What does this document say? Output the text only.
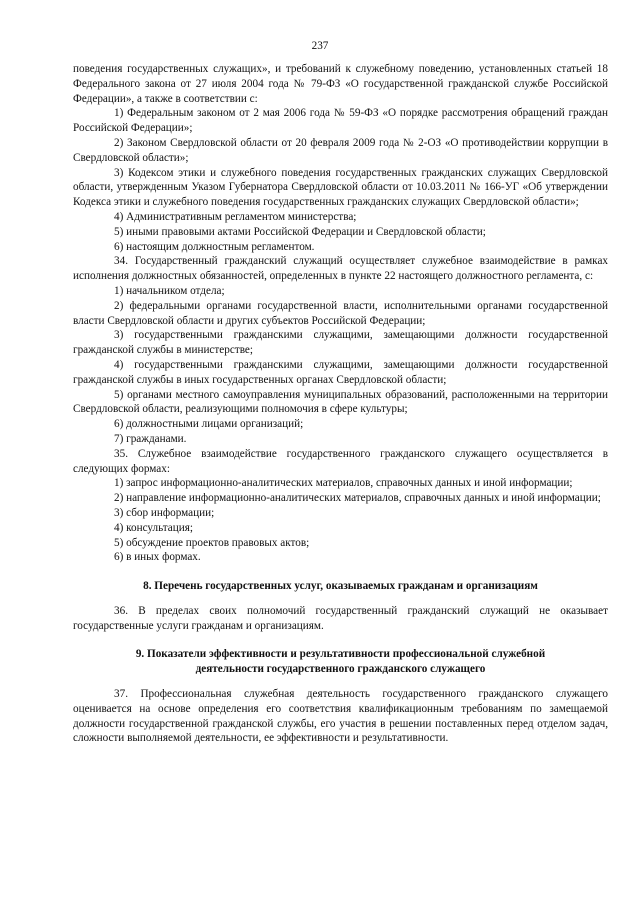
237

поведения государственных служащих», и требований к служебному поведению, установленных статьей 18 Федерального закона от 27 июля 2004 года № 79-ФЗ «О государственной гражданской службе Российской Федерации», а также в соответствии с:

1) Федеральным законом от 2 мая 2006 года № 59-ФЗ «О порядке рассмотрения обращений граждан Российской Федерации»;

2) Законом Свердловской области от 20 февраля 2009 года № 2-ОЗ «О противодействии коррупции в Свердловской области»;

3) Кодексом этики и служебного поведения государственных гражданских служащих Свердловской области, утвержденным Указом Губернатора Свердловской области от 10.03.2011 № 166-УГ «Об утверждении Кодекса этики и служебного поведения государственных гражданских служащих Свердловской области»;

4) Административным регламентом министерства;

5) иными правовыми актами Российской Федерации и Свердловской области;

6) настоящим должностным регламентом.

34. Государственный гражданский служащий осуществляет служебное взаимодействие в рамках исполнения должностных обязанностей, определенных в пункте 22 настоящего должностного регламента, с:

1) начальником отдела;

2) федеральными органами государственной власти, исполнительными органами государственной власти Свердловской области и других субъектов Российской Федерации;

3) государственными гражданскими служащими, замещающими должности государственной гражданской службы в министерстве;

4) государственными гражданскими служащими, замещающими должности государственной гражданской службы в иных государственных органах Свердловской области;

5) органами местного самоуправления муниципальных образований, расположенными на территории Свердловской области, реализующими полномочия в сфере культуры;

6) должностными лицами организаций;

7) гражданами.

35. Служебное взаимодействие государственного гражданского служащего осуществляется в следующих формах:

1) запрос информационно-аналитических материалов, справочных данных и иной информации;

2) направление информационно-аналитических материалов, справочных данных и иной информации;

3) сбор информации;

4) консультация;

5) обсуждение проектов правовых актов;

6) в иных формах.

8. Перечень государственных услуг, оказываемых гражданам и организациям

36. В пределах своих полномочий государственный гражданский служащий не оказывает государственные услуги гражданам и организациям.

9. Показатели эффективности и результативности профессиональной служебной
деятельности государственного гражданского служащего

37. Профессиональная служебная деятельность государственного гражданского служащего оценивается на основе определения его соответствия квалификационным требованиям по замещаемой должности государственной гражданской службы, его участия в решении поставленных перед отделом задач, сложности выполняемой деятельности, ее эффективности и результативности.
